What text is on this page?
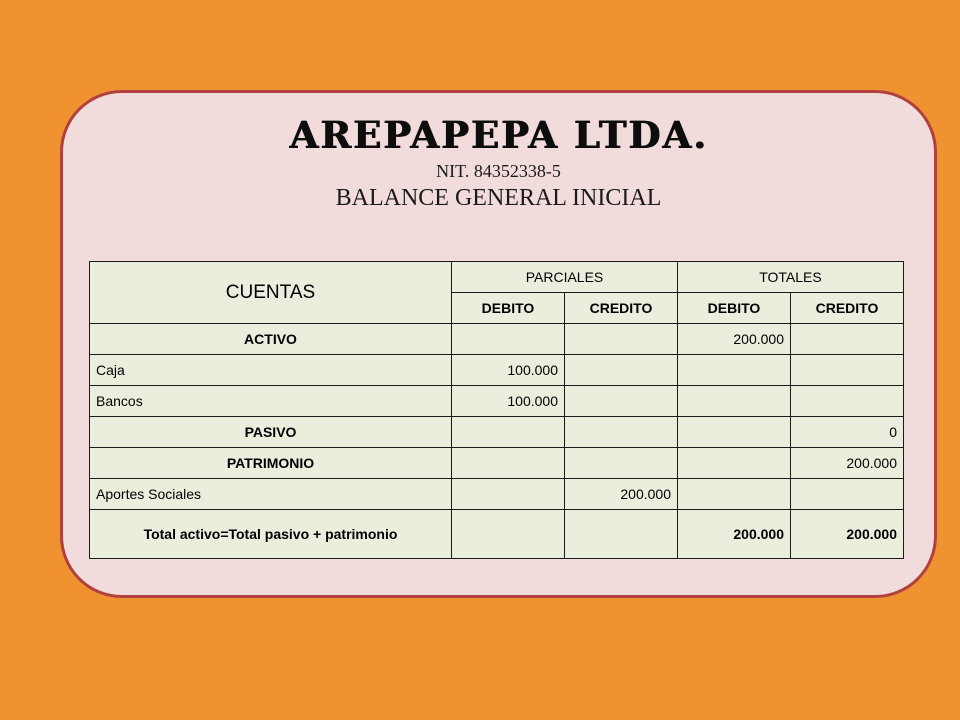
AREPAPEPA LTDA.
NIT. 84352338-5
BALANCE GENERAL INICIAL
CUENTAS	PARCIALES		TOTALES	
	DEBITO	CREDITO	DEBITO	CREDITO
ACTIVO			200.000	
Caja	100.000			
Bancos	100.000			
PASIVO				0
PATRIMONIO				200.000
Aportes Sociales		200.000		
Total activo=Total pasivo + patrimonio			200.000	200.000
